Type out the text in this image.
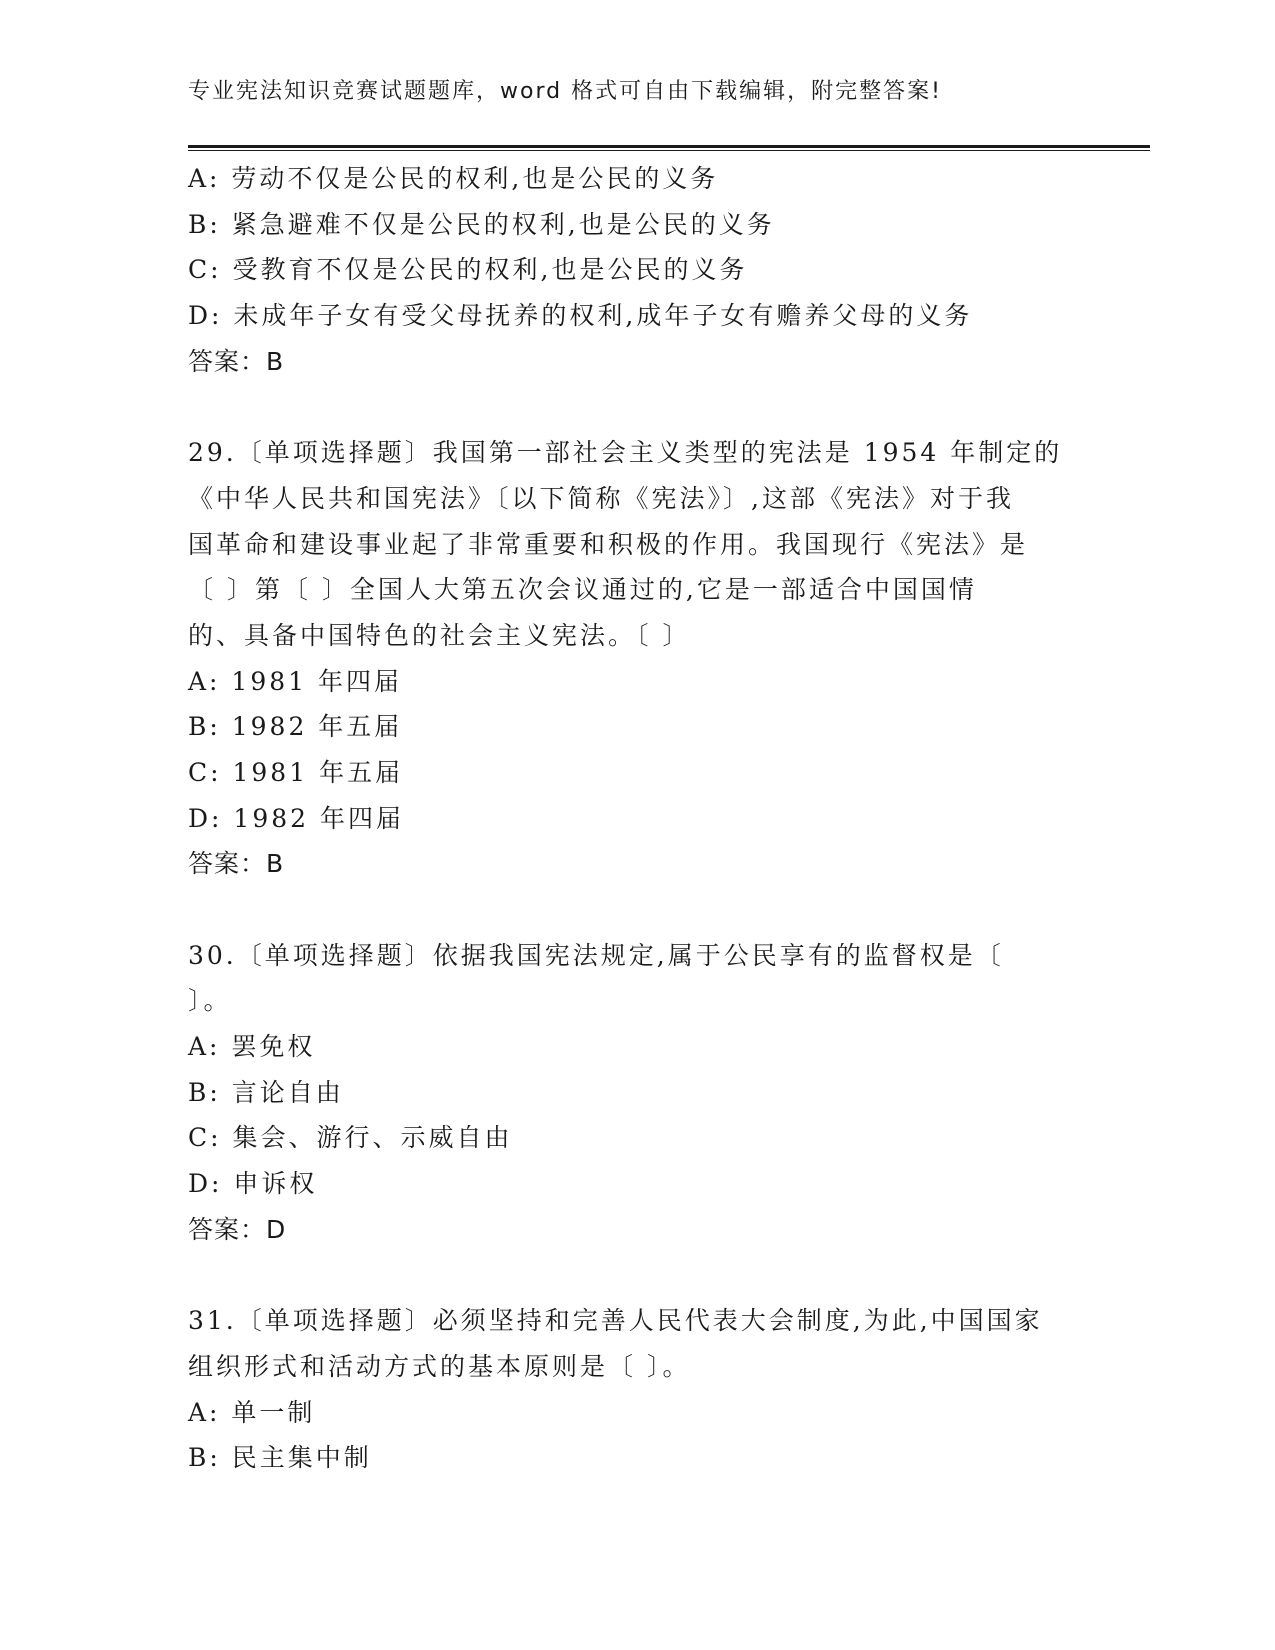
专业宪法知识竞赛试题题库，word 格式可自由下载编辑，附完整答案!
A: 劳动不仅是公民的权利,也是公民的义务
B: 紧急避难不仅是公民的权利,也是公民的义务
C: 受教育不仅是公民的权利,也是公民的义务
D: 未成年子女有受父母抚养的权利,成年子女有赡养父母的义务
答案：B
29.〔单项选择题〕我国第一部社会主义类型的宪法是 1954 年制定的
《中华人民共和国宪法》〔以下简称《宪法》〕,这部《宪法》对于我
国革命和建设事业起了非常重要和积极的作用。我国现行《宪法》是
〔 〕第〔 〕全国人大第五次会议通过的,它是一部适合中国国情
的、具备中国特色的社会主义宪法。〔 〕
A: 1981 年四届
B: 1982 年五届
C: 1981 年五届
D: 1982 年四届
答案：B
30.〔单项选择题〕依据我国宪法规定,属于公民享有的监督权是〔
〕。
A: 罢免权
B: 言论自由
C: 集会、游行、示威自由
D: 申诉权
答案：D
31.〔单项选择题〕必须坚持和完善人民代表大会制度,为此,中国国家
组织形式和活动方式的基本原则是〔 〕。
A: 单一制
B: 民主集中制
